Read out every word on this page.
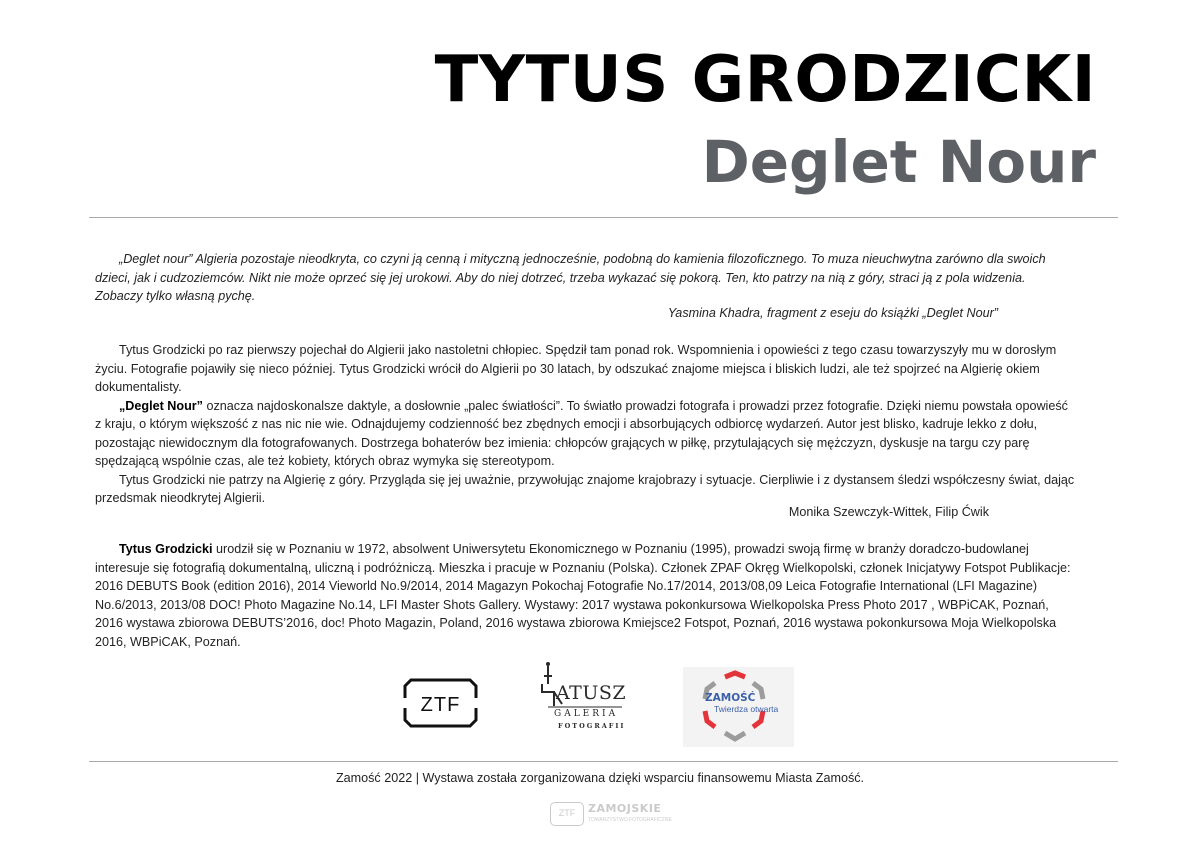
TYTUS GRODZICKI
Deglet Nour

„Deglet nour” Algieria pozostaje nieodkryta, co czyni ją cenną i mityczną jednocześnie, podobną do kamienia filozoficznego. To muza nieuchwytna zarówno dla swoich dzieci, jak i cudzoziemców. Nikt nie może oprzeć się jej urokowi. Aby do niej dotrzeć, trzeba wykazać się pokorą. Ten, kto patrzy na nią z góry, straci ją z pola widzenia. Zobaczy tylko własną pychę.

Yasmina Khadra, fragment z eseju do książki „Deglet Nour”

Tytus Grodzicki po raz pierwszy pojechał do Algierii jako nastoletni chłopiec. Spędził tam ponad rok. Wspomnienia i opowieści z tego czasu towarzyszyły mu w dorosłym życiu. Fotografie pojawiły się nieco później. Tytus Grodzicki wrócił do Algierii po 30 latach, by odszukać znajome miejsca i bliskich ludzi, ale też spojrzeć na Algierię okiem dokumentalisty.

„Deglet Nour” oznacza najdoskonalsze daktyle, a dosłownie „palec światłości”. To światło prowadzi fotografa i prowadzi przez fotografie. Dzięki niemu powstała opowieść z kraju, o którym większość z nas nic nie wie. Odnajdujemy codzienność bez zbędnych emocji i absorbujących odbiorcę wydarzeń. Autor jest blisko, kadruje lekko z dołu, pozostając niewidocznym dla fotografowanych. Dostrzega bohaterów bez imienia: chłopców grających w piłkę, przytulających się mężczyzn, dyskusje na targu czy parę spędzającą wspólnie czas, ale też kobiety, których obraz wymyka się stereotypom.

Tytus Grodzicki nie patrzy na Algierię z góry. Przygląda się jej uważnie, przywołując znajome krajobrazy i sytuacje. Cierpliwie i z dystansem śledzi współczesny świat, dając przedsmak nieodkrytej Algierii.

Monika Szewczyk-Wittek, Filip Ćwik

Tytus Grodzicki urodził się w Poznaniu w 1972, absolwent Uniwersytetu Ekonomicznego w Poznaniu (1995), prowadzi swoją firmę w branży doradczo-budowlanej interesuje się fotografią dokumentalną, uliczną i podróżniczą. Mieszka i pracuje w Poznaniu (Polska). Członek ZPAF Okręg Wielkopolski, członek Inicjatywy Fotspot Publikacje: 2016 DEBUTS Book (edition 2016), 2014 Vieworld No.9/2014, 2014 Magazyn Pokochaj Fotografie No.17/2014, 2013/08,09 Leica Fotografie International (LFI Magazine) No.6/2013, 2013/08 DOC! Photo Magazine No.14, LFI Master Shots Gallery. Wystawy: 2017 wystawa pokonkursowa Wielkopolska Press Photo 2017 , WBPiCAK, Poznań, 2016 wystawa zbiorowa DEBUTS’2016, doc! Photo Magazin, Poland, 2016 wystawa zbiorowa Kmiejsce2 Fotspot, Poznań, 2016 wystawa pokonkursowa Moja Wielkopolska 2016, WBPiCAK, Poznań.

ZTF
ATUSZ
GALERIA
FOTOGRAFII
ZAMOŚĆ
Twierdza otwarta
Zamość 2022 | Wystawa została zorganizowana dzięki wsparciu finansowemu Miasta Zamość.
ZTF	ZAMOJSKIE
TOWARZYSTWO FOTOGRAFICZNE
